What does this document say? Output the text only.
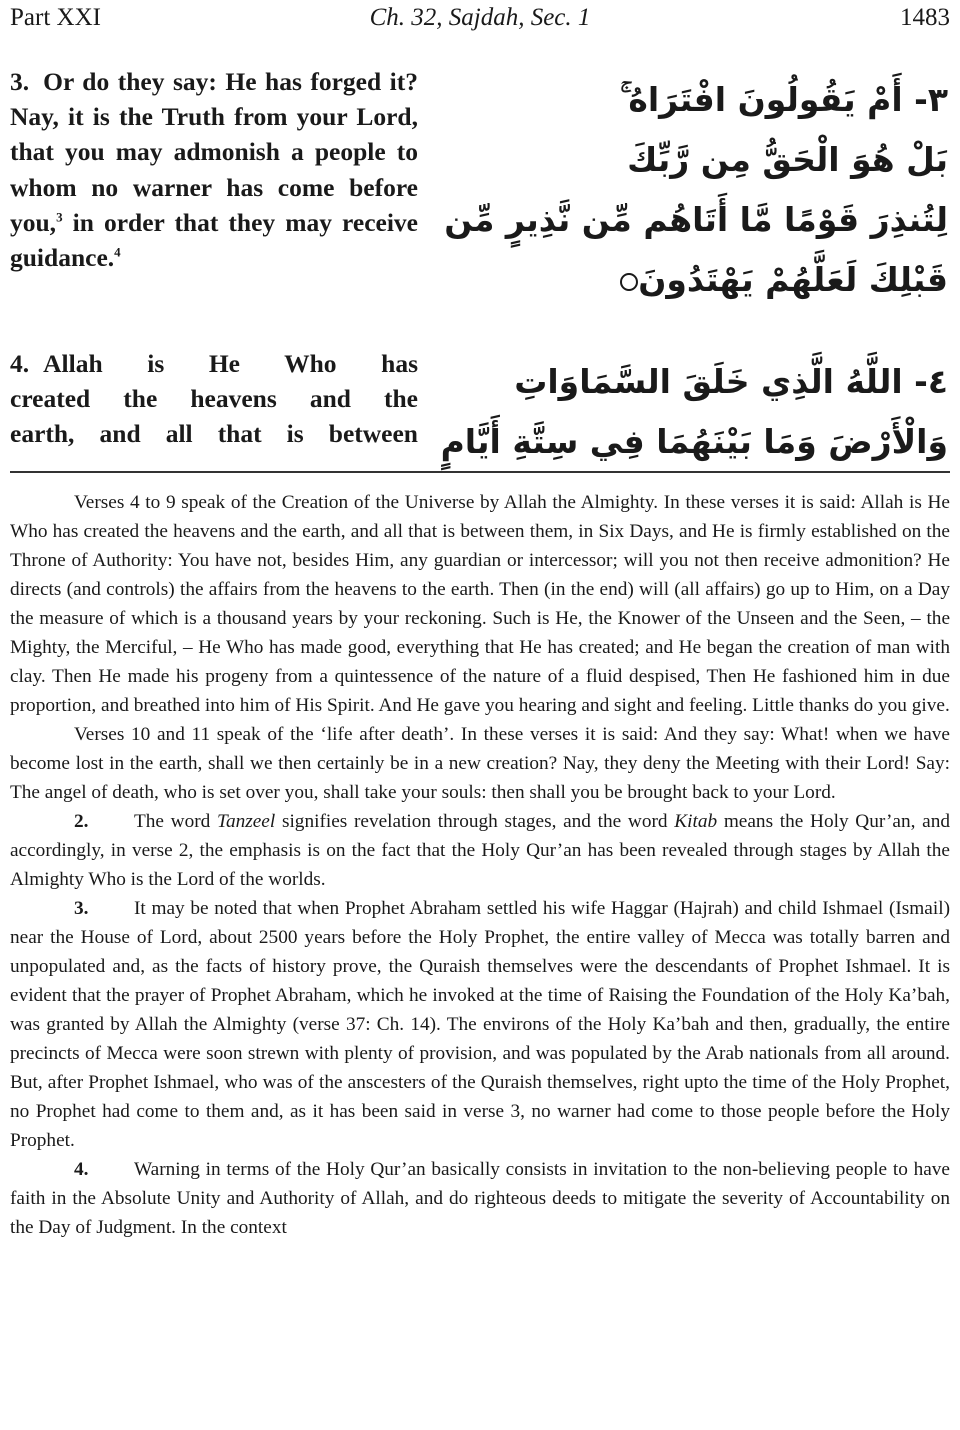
Part XXI	Ch. 32, Sajdah, Sec. 1	1483
3. Or do they say: He has forged it? Nay, it is the Truth from your Lord, that you may admonish a people to whom no warner has come before you,$^3$ in order that they may receive guidance.$^4$
٣- أَمْ يَقُولُونَ افْتَرَاهُ ۚ
بَلْ هُوَ الْحَقُّ مِن رَّبِّكَ
لِتُنذِرَ قَوْمًا مَّا أَتَاهُم مِّن نَّذِيرٍ مِّن
قَبْلِكَ لَعَلَّهُمْ يَهْتَدُونَ
4. Allah is He Who has
created the heavens and the
earth, and all that is between
٤- اللَّهُ الَّذِي خَلَقَ السَّمَاوَاتِ
وَالْأَرْضَ وَمَا بَيْنَهُمَا فِي سِتَّةِ أَيَّامٍ

Verses 4 to 9 speak of the Creation of the Universe by Allah the Almighty. In these verses it is said: Allah is He Who has created the heavens and the earth, and all that is between them, in Six Days, and He is firmly established on the Throne of Authority: You have not, besides Him, any guardian or intercessor; will you not then receive admonition? He directs (and controls) the affairs from the heavens to the earth. Then (in the end) will (all affairs) go up to Him, on a Day the measure of which is a thousand years by your reckoning. Such is He, the Knower of the Unseen and the Seen, – the Mighty, the Merciful, – He Who has made good, everything that He has created; and He began the creation of man with clay. Then He made his progeny from a quintessence of the nature of a fluid despised, Then He fashioned him in due proportion, and breathed into him of His Spirit. And He gave you hearing and sight and feeling. Little thanks do you give.

Verses 10 and 11 speak of the ‘life after death’. In these verses it is said: And they say: What! when we have become lost in the earth, shall we then certainly be in a new creation? Nay, they deny the Meeting with their Lord! Say: The angel of death, who is set over you, shall take your souls: then shall you be brought back to your Lord.

2. The word Tanzeel signifies revelation through stages, and the word Kitab means the Holy Qur’an, and accordingly, in verse 2, the emphasis is on the fact that the Holy Qur’an has been revealed through stages by Allah the Almighty Who is the Lord of the worlds.

3. It may be noted that when Prophet Abraham settled his wife Haggar (Hajrah) and child Ishmael (Ismail) near the House of Lord, about 2500 years before the Holy Prophet, the entire valley of Mecca was totally barren and unpopulated and, as the facts of history prove, the Quraish themselves were the descendants of Prophet Ishmael. It is evident that the prayer of Prophet Abraham, which he invoked at the time of Raising the Foundation of the Holy Ka’bah, was granted by Allah the Almighty (verse 37: Ch. 14). The environs of the Holy Ka’bah and then, gradually, the entire precincts of Mecca were soon strewn with plenty of provision, and was populated by the Arab nationals from all around. But, after Prophet Ishmael, who was of the anscesters of the Quraish themselves, right upto the time of the Holy Prophet, no Prophet had come to them and, as it has been said in verse 3, no warner had come to those people before the Holy Prophet.

4. Warning in terms of the Holy Qur’an basically consists in invitation to the non-believing people to have faith in the Absolute Unity and Authority of Allah, and do righteous deeds to mitigate the severity of Accountability on the Day of Judgment. In the context
